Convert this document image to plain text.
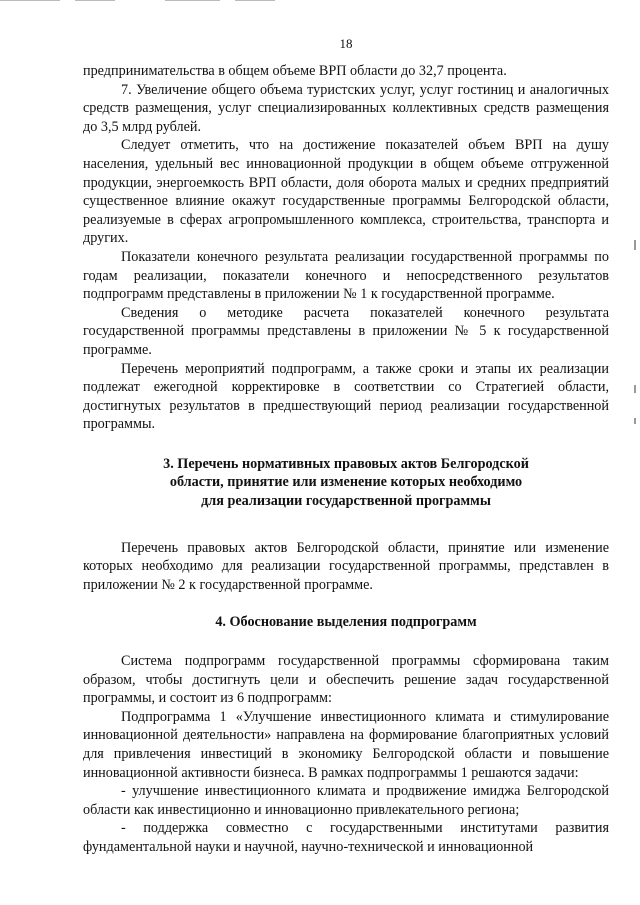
18

предпринимательства в общем объеме ВРП области до 32,7 процента.

7. Увеличение общего объема туристских услуг, услуг гостиниц и аналогичных средств размещения, услуг специализированных коллективных средств размещения до 3,5 млрд рублей.

Следует отметить, что на достижение показателей объем ВРП на душу населения, удельный вес инновационной продукции в общем объеме отгруженной продукции, энергоемкость ВРП области, доля оборота малых и средних предприятий существенное влияние окажут государственные программы Белгородской области, реализуемые в сферах агропромышленного комплекса, строительства, транспорта и других.

Показатели конечного результата реализации государственной программы по годам реализации, показатели конечного и непосредственного результатов подпрограмм представлены в приложении № 1 к государственной программе.

Сведения о методике расчета показателей конечного результата государственной программы представлены в приложении № 5 к государственной программе.

Перечень мероприятий подпрограмм, а также сроки и этапы их реализации подлежат ежегодной корректировке в соответствии со Стратегией области, достигнутых результатов в предшествующий период реализации государственной программы.

3. Перечень нормативных правовых актов Белгородской
области, принятие или изменение которых необходимо
для реализации государственной программы

Перечень правовых актов Белгородской области, принятие или изменение которых необходимо для реализации государственной программы, представлен в приложении № 2 к государственной программе.

4. Обоснование выделения подпрограмм

Система подпрограмм государственной программы сформирована таким образом, чтобы достигнуть цели и обеспечить решение задач государственной программы, и состоит из 6 подпрограмм:

Подпрограмма 1 «Улучшение инвестиционного климата и стимулирование инновационной деятельности» направлена на формирование благоприятных условий для привлечения инвестиций в экономику Белгородской области и повышение инновационной активности бизнеса. В рамках подпрограммы 1 решаются задачи:

- улучшение инвестиционного климата и продвижение имиджа Белгородской области как инвестиционно и инновационно привлекательного региона;

- поддержка совместно с государственными институтами развития фундаментальной науки и научной, научно-технической и инновационной
